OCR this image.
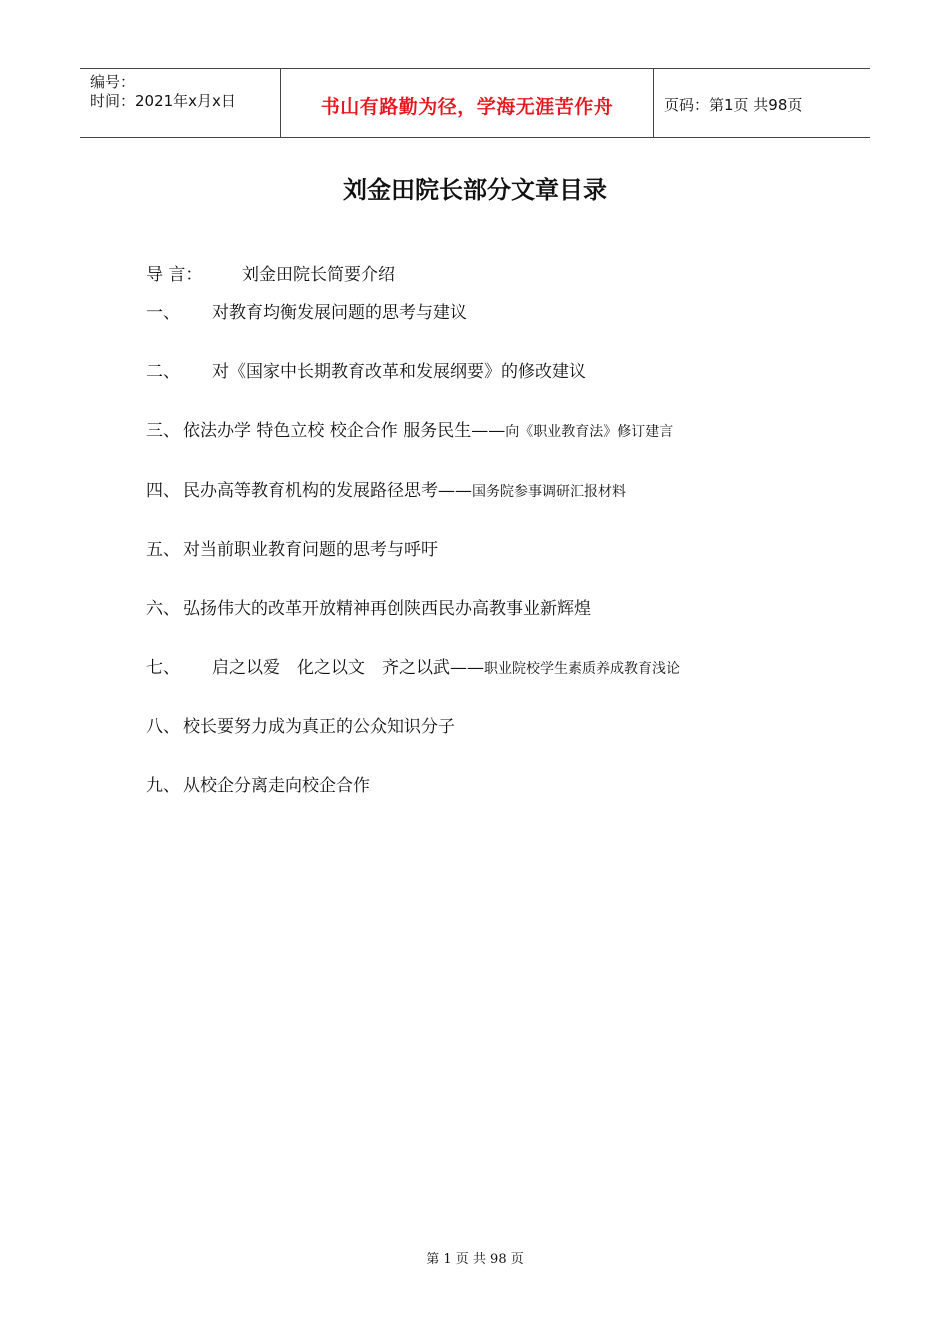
编号：
时间：2021年x月x日	书山有路勤为径，学海无涯苦作舟	页码：第1页 共98页
刘金田院长部分文章目录
导 言： 刘金田院长简要介绍
一、 对教育均衡发展问题的思考与建议
二、 对《国家中长期教育改革和发展纲要》的修改建议
三、 依法办学 特色立校 校企合作 服务民生——向《职业教育法》修订建言
四、 民办高等教育机构的发展路径思考——国务院参事调研汇报材料
五、 对当前职业教育问题的思考与呼吁
六、 弘扬伟大的改革开放精神再创陕西民办高教事业新辉煌
七、 启之以爱　化之以文　齐之以武——职业院校学生素质养成教育浅论
八、 校长要努力成为真正的公众知识分子
九、 从校企分离走向校企合作
第 1 页 共 98 页
